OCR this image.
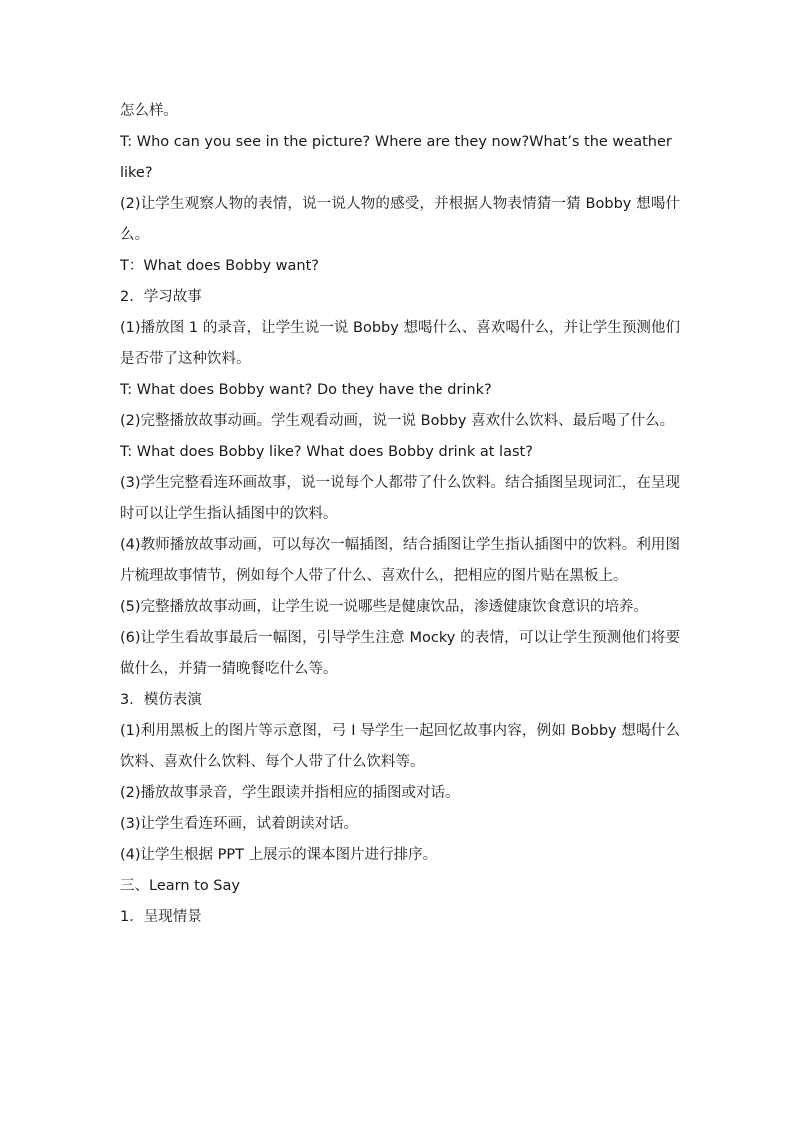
怎么样。

T: Who can you see in the picture? Where are they now?What’s the weather like?

(2)让学生观察人物的表情，说一说人物的感受，并根据人物表情猜一猜 Bobby 想喝什么。

T：What does Bobby want?

2．学习故事

(1)播放图 1 的录音，让学生说一说 Bobby 想喝什么、喜欢喝什么，并让学生预测他们是否带了这种饮料。

T: What does Bobby want? Do they have the drink?

(2)完整播放故事动画。学生观看动画，说一说 Bobby 喜欢什么饮料、最后喝了什么。

T: What does Bobby like? What does Bobby drink at last?

(3)学生完整看连环画故事，说一说每个人都带了什么饮料。结合插图呈现词汇，在呈现时可以让学生指认插图中的饮料。

(4)教师播放故事动画，可以每次一幅插图，结合插图让学生指认插图中的饮料。利用图片梳理故事情节，例如每个人带了什么、喜欢什么，把相应的图片贴在黑板上。

(5)完整播放故事动画，让学生说一说哪些是健康饮品，渗透健康饮食意识的培养。

(6)让学生看故事最后一幅图，引导学生注意 Mocky 的表情，可以让学生预测他们将要做什么，并猜一猜晚餐吃什么等。

3．模仿表演

(1)利用黑板上的图片等示意图，弓 I 导学生一起回忆故事内容，例如 Bobby 想喝什么饮料、喜欢什么饮料、每个人带了什么饮料等。

(2)播放故事录音，学生跟读并指相应的插图或对话。

(3)让学生看连环画，试着朗读对话。

(4)让学生根据 PPT 上展示的课本图片进行排序。

三、Learn to Say

1．呈现情景
